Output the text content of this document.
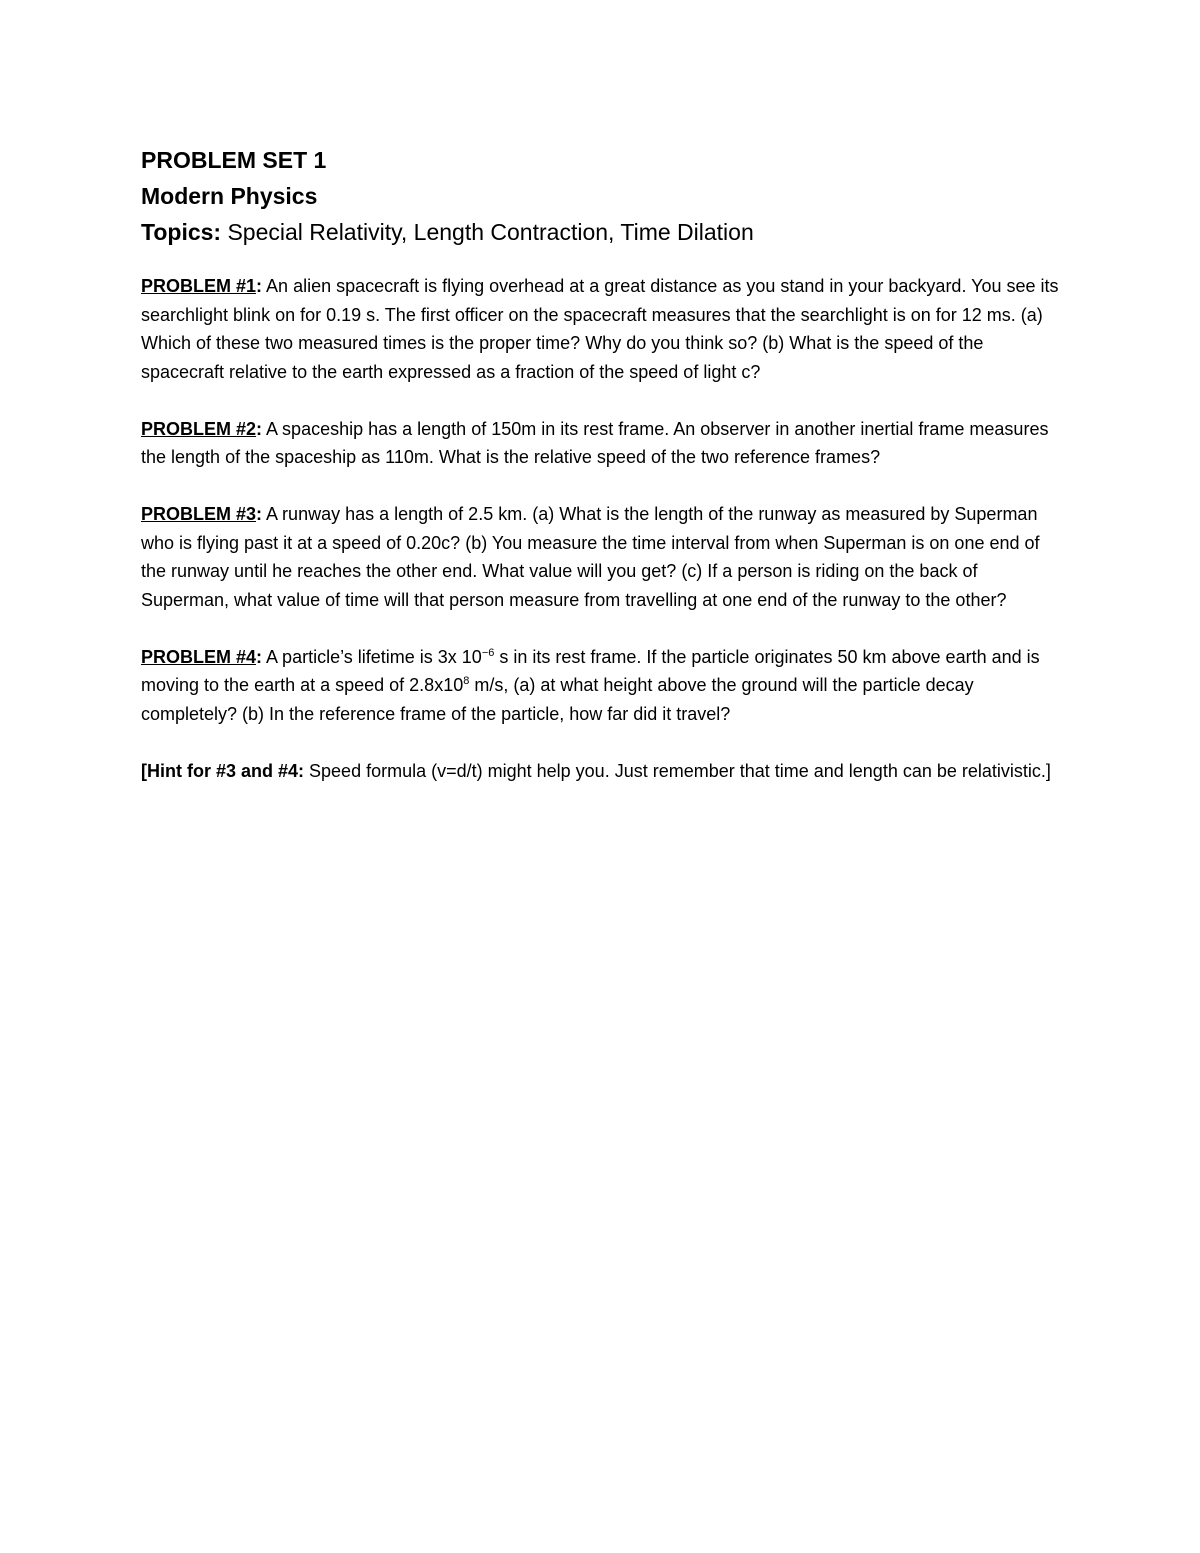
PROBLEM SET 1

Modern Physics

Topics: Special Relativity, Length Contraction, Time Dilation

PROBLEM #1: An alien spacecraft is flying overhead at a great distance as you stand in your backyard. You see its searchlight blink on for 0.19 s. The first officer on the spacecraft measures that the searchlight is on for 12 ms. (a) Which of these two measured times is the proper time? Why do you think so? (b) What is the speed of the spacecraft relative to the earth expressed as a fraction of the speed of light c?

PROBLEM #2: A spaceship has a length of 150m in its rest frame. An observer in another inertial frame measures the length of the spaceship as 110m. What is the relative speed of the two reference frames?

PROBLEM #3: A runway has a length of 2.5 km. (a) What is the length of the runway as measured by Superman who is flying past it at a speed of 0.20c? (b) You measure the time interval from when Superman is on one end of the runway until he reaches the other end. What value will you get? (c) If a person is riding on the back of Superman, what value of time will that person measure from travelling at one end of the runway to the other?

PROBLEM #4: A particle’s lifetime is 3x $10^{-6}$ s in its rest frame. If the particle originates 50 km above earth and is moving to the earth at a speed of $2.8x10^8$ m/s, (a) at what height above the ground will the particle decay completely? (b) In the reference frame of the particle, how far did it travel?

[Hint for #3 and #4: Speed formula (v=d/t) might help you. Just remember that time and length can be relativistic.]
